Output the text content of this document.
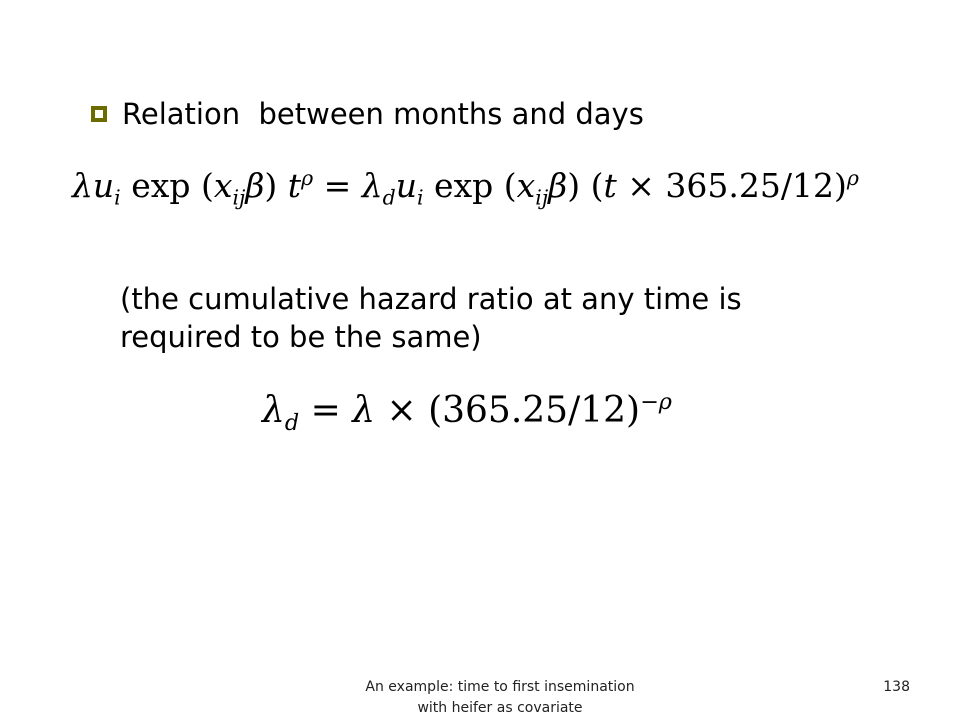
Relation  between months and days
$\lambda u_i$ $\exp (x_{ij}\beta) t^\rho = \lambda_du_i$ $\exp (x_{ij}\beta) (t \times 365.25/12)^\rho$
(the cumulative hazard ratio at any time is
required to be the same)
$\lambda_d = \lambda \times (365.25/12)^{-\rho}$
An example: time to first insemination
with heifer as covariate
138
